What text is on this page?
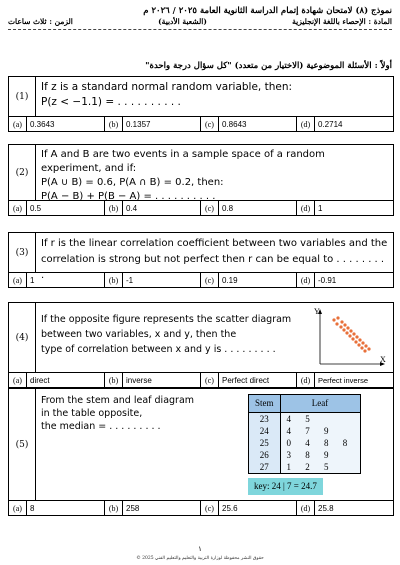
نموذج (٨) لامتحان شهادة إتمام الدراسة الثانوية العامة ٢٠٢٥ / ٢٠٢٦ م
المادة : الإحصاء باللغة الإنجليزية
(الشعبة الأدبية)
الزمن : ثلاث ساعات
أولاً : الأسئلة الموضوعية (الاختيار من متعدد) "كل سؤال درجة واحدة"
(1)
If z is a standard normal random variable, then:
P(z < −1.1) = . . . . . . . . . .
(a)	0.3643	(b) 0.1357	(c)	0.8643	(d) 0.2714
(2)
If A and B are two events in a sample space of a random experiment, and if:
P(A ∪ B) = 0.6, P(A ∩ B) = 0.2, then:
P(A − B) + P(B − A) = . . . . . . . . . .
(a)	0.5	(b) 0.4	(c)	0.8	(d) 1
(3)
If r is the linear correlation coefficient between two variables and the
correlation is strong but not perfect then r can be equal to . . . . . . . . .
(a)	1	(b) -1	(c)	0.19	(d) -0.91
(4)
If the opposite figure represents the scatter diagram
between two variables, x and y, then the
type of correlation between x and y is . . . . . . . . .
Y
X
(a)	direct	(b) inverse	(c)	Perfect direct	(d)	Perfect inverse
(5)
From the stem and leaf diagram
in the table opposite,
the median = . . . . . . . . .
Stem	Leaf
23	4 5
24	4 7 9
25	0 4 8 8
26	3 8 9
27	1 2 5
key: 24 | 7 = 24.7
(a)	8	(b) 258	(c)	25.6	(d) 25.8
١
حقوق النشر محفوظة لوزارة التربية والتعليم والتعليم الفني 2025 ©
